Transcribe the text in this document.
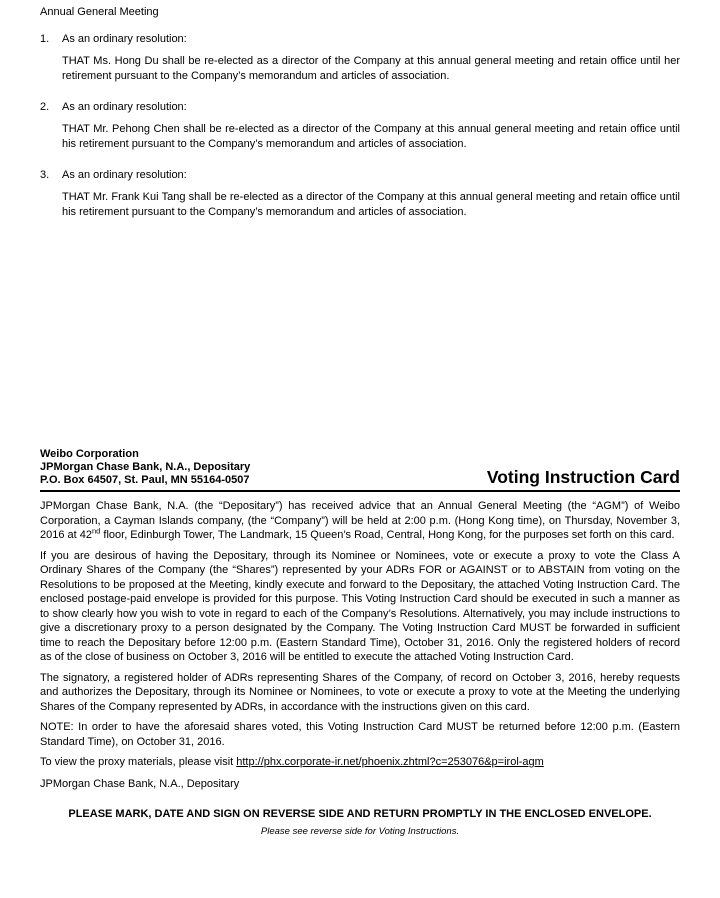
Annual General Meeting
1.	As an ordinary resolution:
THAT Ms. Hong Du shall be re-elected as a director of the Company at this annual general meeting and retain office until her retirement pursuant to the Company’s memorandum and articles of association.
2.	As an ordinary resolution:
THAT Mr. Pehong Chen shall be re-elected as a director of the Company at this annual general meeting and retain office until his retirement pursuant to the Company’s memorandum and articles of association.
3.	As an ordinary resolution:
THAT Mr. Frank Kui Tang shall be re-elected as a director of the Company at this annual general meeting and retain office until his retirement pursuant to the Company’s memorandum and articles of association.
Weibo Corporation
JPMorgan Chase Bank, N.A., Depositary
P.O. Box 64507, St. Paul, MN 55164-0507	Voting Instruction Card

JPMorgan Chase Bank, N.A. (the “Depositary”) has received advice that an Annual General Meeting (the “AGM”) of Weibo Corporation, a Cayman Islands company, (the “Company”) will be held at 2:00 p.m. (Hong Kong time), on Thursday, November 3, 2016 at 42nd floor, Edinburgh Tower, The Landmark, 15 Queen’s Road, Central, Hong Kong, for the purposes set forth on this card.

If you are desirous of having the Depositary, through its Nominee or Nominees, vote or execute a proxy to vote the Class A Ordinary Shares of the Company (the “Shares”) represented by your ADRs FOR or AGAINST or to ABSTAIN from voting on the Resolutions to be proposed at the Meeting, kindly execute and forward to the Depositary, the attached Voting Instruction Card. The enclosed postage-paid envelope is provided for this purpose. This Voting Instruction Card should be executed in such a manner as to show clearly how you wish to vote in regard to each of the Company’s Resolutions. Alternatively, you may include instructions to give a discretionary proxy to a person designated by the Company. The Voting Instruction Card MUST be forwarded in sufficient time to reach the Depositary before 12:00 p.m. (Eastern Standard Time), October 31, 2016. Only the registered holders of record as of the close of business on October 3, 2016 will be entitled to execute the attached Voting Instruction Card.

The signatory, a registered holder of ADRs representing Shares of the Company, of record on October 3, 2016, hereby requests and authorizes the Depositary, through its Nominee or Nominees, to vote or execute a proxy to vote at the Meeting the underlying Shares of the Company represented by ADRs, in accordance with the instructions given on this card.

NOTE: In order to have the aforesaid shares voted, this Voting Instruction Card MUST be returned before 12:00 p.m. (Eastern Standard Time), on October 31, 2016.

To view the proxy materials, please visit http://phx.corporate-ir.net/phoenix.zhtml?c=253076&p=irol-agm

JPMorgan Chase Bank, N.A., Depositary

PLEASE MARK, DATE AND SIGN ON REVERSE SIDE AND RETURN PROMPTLY IN THE ENCLOSED ENVELOPE.
Please see reverse side for Voting Instructions.
